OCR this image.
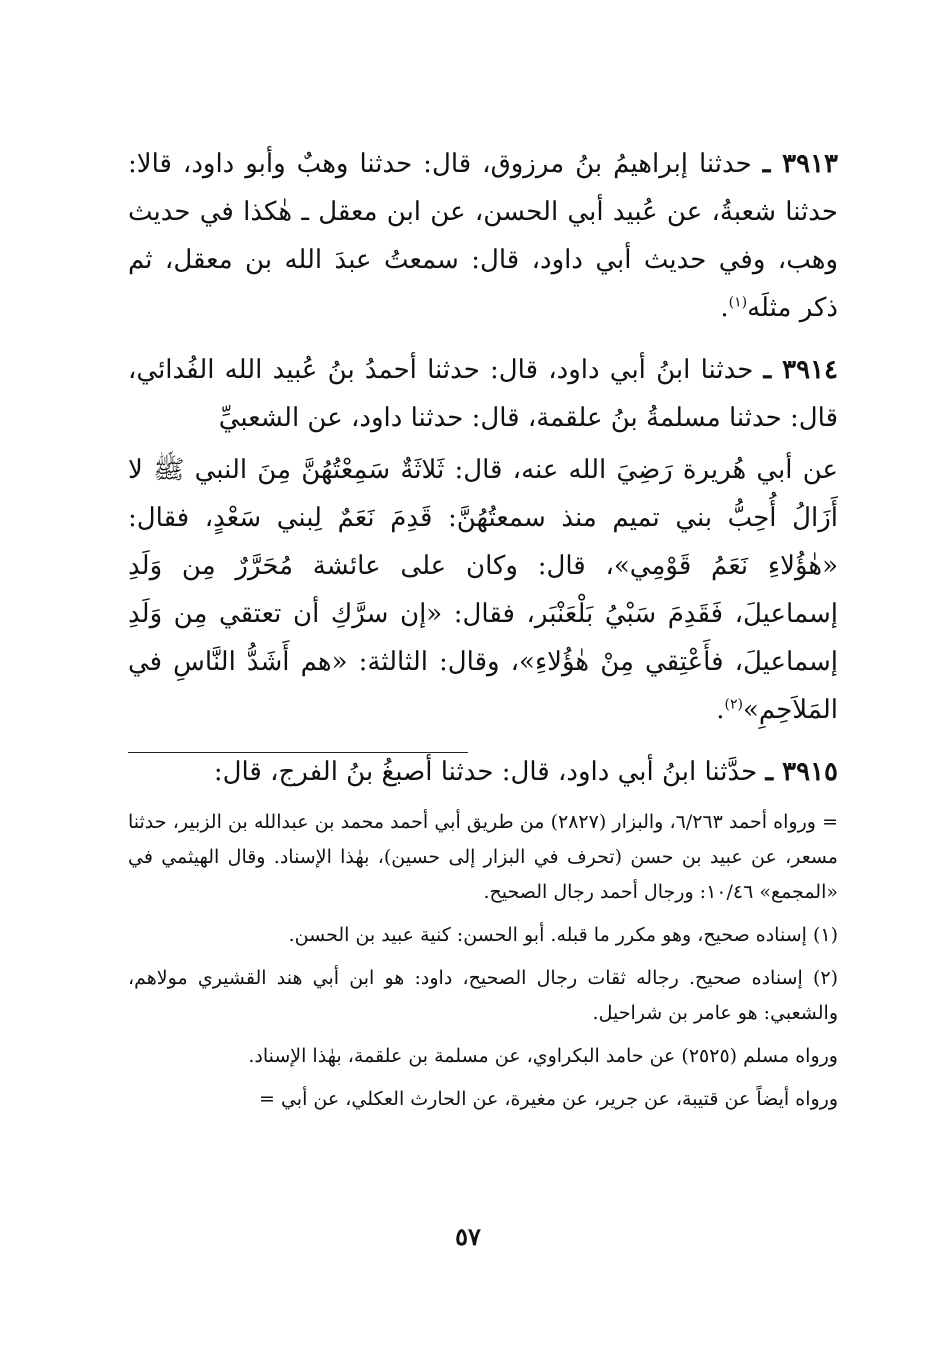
٣٩١٣ ـ حدثنا إبراهيمُ بنُ مرزوق، قال: حدثنا وهبٌ وأبو داود، قالا: حدثنا شعبةُ، عن عُبيد أبي الحسن، عن ابن معقل ـ هٰكذا في حديث وهب، وفي حديث أبي داود، قال: سمعتُ عبدَ الله بن معقل، ثم ذكر مثلَه$^{(١)}$.

٣٩١٤ ـ حدثنا ابنُ أبي داود، قال: حدثنا أحمدُ بنُ عُبيد الله الفُدائي، قال: حدثنا مسلمةُ بنُ علقمة، قال: حدثنا داود، عن الشعبيِّ

عن أبي هُريرة رَضِيَ الله عنه، قال: ثَلاثَةٌ سَمِعْتُهُنَّ مِنَ النبي ﷺ لا أَزَالُ أُحِبُّ بني تميم منذ سمعتُهُنَّ: قَدِمَ نَعَمٌ لِبني سَعْدٍ، فقال: «هٰؤُلاءِ نَعَمُ قَوْمِي»، قال: وكان على عائشة مُحَرَّرٌ مِن وَلَدِ إسماعيلَ، فَقَدِمَ سَبْيُ بَلْعَنْبَر، فقال: «إن سرَّكِ أن تعتقي مِن وَلَدِ إسماعيلَ، فأَعْتِقي مِنْ هٰؤُلاءِ»، وقال: الثالثة: «هم أَشَدُّ النَّاسِ في المَلاَحِمِ»$^{(٢)}$.

٣٩١٥ ـ حدَّثنا ابنُ أبي داود، قال: حدثنا أصبغُ بنُ الفرج، قال:

= ورواه أحمد ٦/٢٦٣، والبزار (٢٨٢٧) من طريق أبي أحمد محمد بن عبدالله بن الزبير، حدثنا مسعر، عن عبيد بن حسن (تحرف في البزار إلى حسين)، بهٰذا الإسناد. وقال الهيثمي في «المجمع» ١٠/٤٦: ورجال أحمد رجال الصحيح.

(١) إسناده صحيح، وهو مكرر ما قبله. أبو الحسن: كنية عبيد بن الحسن.

(٢) إسناده صحيح. رجاله ثقات رجال الصحيح، داود: هو ابن أبي هند القشيري مولاهم، والشعبي: هو عامر بن شراحيل.

ورواه مسلم (٢٥٢٥) عن حامد البكراوي، عن مسلمة بن علقمة، بهٰذا الإسناد.

ورواه أيضاً عن قتيبة، عن جرير، عن مغيرة، عن الحارث العكلي، عن أبي =

٥٧
